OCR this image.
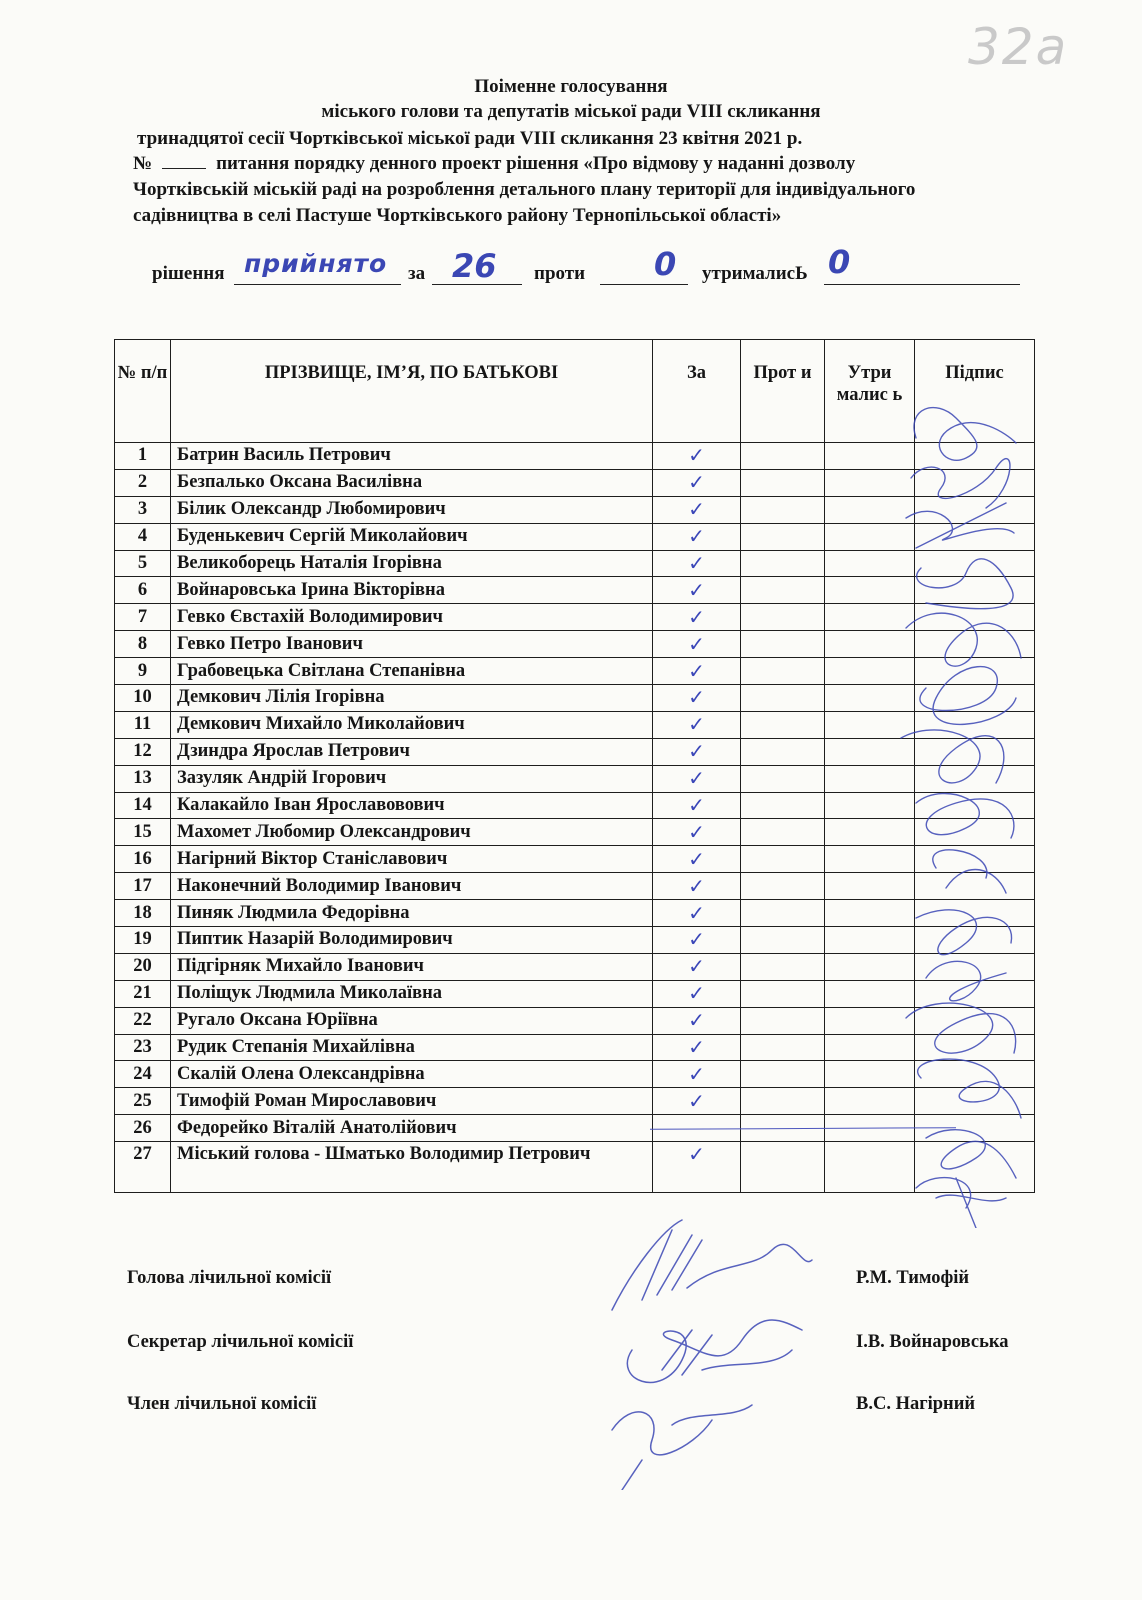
32a
Поіменне голосування
міського голови та депутатів міської ради VIII скликання
тринадцятої сесії Чортківської міської ради VIII скликання 23 квітня 2021 р.
№	питання порядку денного проект рішення «Про відмову у наданні дозволу
Чортківській міській раді на розроблення детального плану території для індивідуального
садівництва в селі Пастуше Чортківського району Тернопільської області»
рішення прийнято за 26 проти 0 утрималисЬ 0
№ п/п	ПРІЗВИЩЕ, ІМ’Я, ПО БАТЬКОВІ	За	Прот и	Утри малис ь	Підпис
1	Батрин Василь Петрович	✓			
2	Безпалько Оксана Василівна	✓			
3	Білик Олександр Любомирович	✓			
4	Буденькевич Сергій Миколайович	✓			
5	Великоборець Наталія Ігорівна	✓			
6	Войнаровська Ірина Вікторівна	✓			
7	Гевко Євстахій Володимирович	✓			
8	Гевко Петро Іванович	✓			
9	Грабовецька Світлана Степанівна	✓			
10	Демкович Лілія Ігорівна	✓			
11	Демкович Михайло Миколайович	✓			
12	Дзиндра Ярослав Петрович	✓			
13	Зазуляк Андрій Ігорович	✓			
14	Калакайло Іван Ярославовович	✓			
15	Махомет Любомир Олександрович	✓			
16	Нагірний Віктор Станіславович	✓			
17	Наконечний Володимир Іванович	✓			
18	Пиняк Людмила Федорівна	✓			
19	Пиптик Назарій Володимирович	✓			
20	Підгірняк Михайло Іванович	✓			
21	Поліщук Людмила Миколаївна	✓			
22	Ругало Оксана Юріївна	✓			
23	Рудик Степанія Михайлівна	✓			
24	Скалій Олена Олександрівна	✓			
25	Тимофій Роман Мирославович	✓			
26	Федорейко Віталій Анатолійович				
27	Міський голова - Шматько Володимир Петрович	✓			
Голова лічильної комісії	Р.М. Тимофій
Секретар лічильної комісії	І.В. Войнаровська
Член лічильної комісії	В.С. Нагірний
